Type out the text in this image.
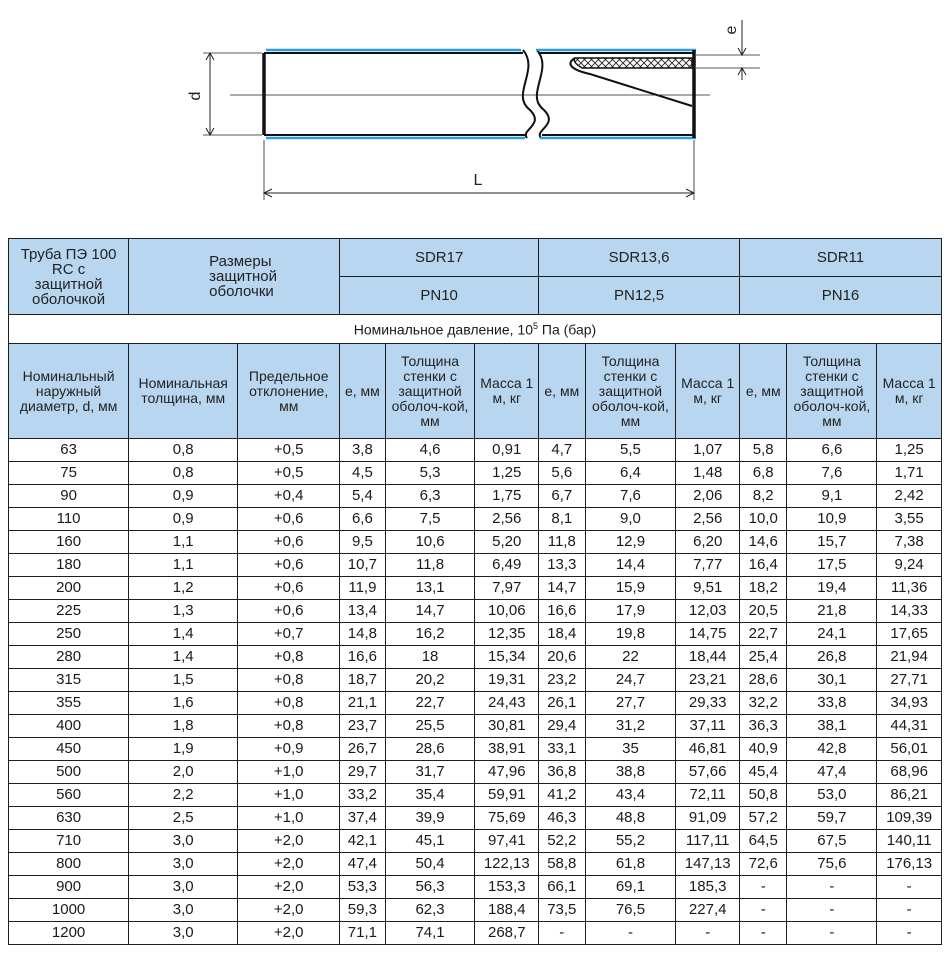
d
L
e
Труба ПЭ 100 RC с защитной оболочкой	Размеры защитной оболочки		SDR17			SDR13,6			SDR11		
			PN10			PN12,5			PN16		
Номинальное давление, $10^5$ Па (бар)											
Номинальный наружный диаметр, d, мм	Номинальная толщина, мм	Предельное отклонение, мм	е, мм	Толщина стенки с защитной оболоч-кой, мм	Масса 1 м, кг	е, мм	Толщина стенки с защитной оболоч-кой, мм	Масса 1 м, кг	е, мм	Толщина стенки с защитной оболоч-кой, мм	Масса 1 м, кг
63	0,8	+0,5	3,8	4,6	0,91	4,7	5,5	1,07	5,8	6,6	1,25
75	0,8	+0,5	4,5	5,3	1,25	5,6	6,4	1,48	6,8	7,6	1,71
90	0,9	+0,4	5,4	6,3	1,75	6,7	7,6	2,06	8,2	9,1	2,42
110	0,9	+0,6	6,6	7,5	2,56	8,1	9,0	2,56	10,0	10,9	3,55
160	1,1	+0,6	9,5	10,6	5,20	11,8	12,9	6,20	14,6	15,7	7,38
180	1,1	+0,6	10,7	11,8	6,49	13,3	14,4	7,77	16,4	17,5	9,24
200	1,2	+0,6	11,9	13,1	7,97	14,7	15,9	9,51	18,2	19,4	11,36
225	1,3	+0,6	13,4	14,7	10,06	16,6	17,9	12,03	20,5	21,8	14,33
250	1,4	+0,7	14,8	16,2	12,35	18,4	19,8	14,75	22,7	24,1	17,65
280	1,4	+0,8	16,6	18	15,34	20,6	22	18,44	25,4	26,8	21,94
315	1,5	+0,8	18,7	20,2	19,31	23,2	24,7	23,21	28,6	30,1	27,71
355	1,6	+0,8	21,1	22,7	24,43	26,1	27,7	29,33	32,2	33,8	34,93
400	1,8	+0,8	23,7	25,5	30,81	29,4	31,2	37,11	36,3	38,1	44,31
450	1,9	+0,9	26,7	28,6	38,91	33,1	35	46,81	40,9	42,8	56,01
500	2,0	+1,0	29,7	31,7	47,96	36,8	38,8	57,66	45,4	47,4	68,96
560	2,2	+1,0	33,2	35,4	59,91	41,2	43,4	72,11	50,8	53,0	86,21
630	2,5	+1,0	37,4	39,9	75,69	46,3	48,8	91,09	57,2	59,7	109,39
710	3,0	+2,0	42,1	45,1	97,41	52,2	55,2	117,11	64,5	67,5	140,11
800	3,0	+2,0	47,4	50,4	122,13	58,8	61,8	147,13	72,6	75,6	176,13
900	3,0	+2,0	53,3	56,3	153,3	66,1	69,1	185,3	-	-	-
1000	3,0	+2,0	59,3	62,3	188,4	73,5	76,5	227,4	-	-	-
1200	3,0	+2,0	71,1	74,1	268,7	-	-	-	-	-	-
